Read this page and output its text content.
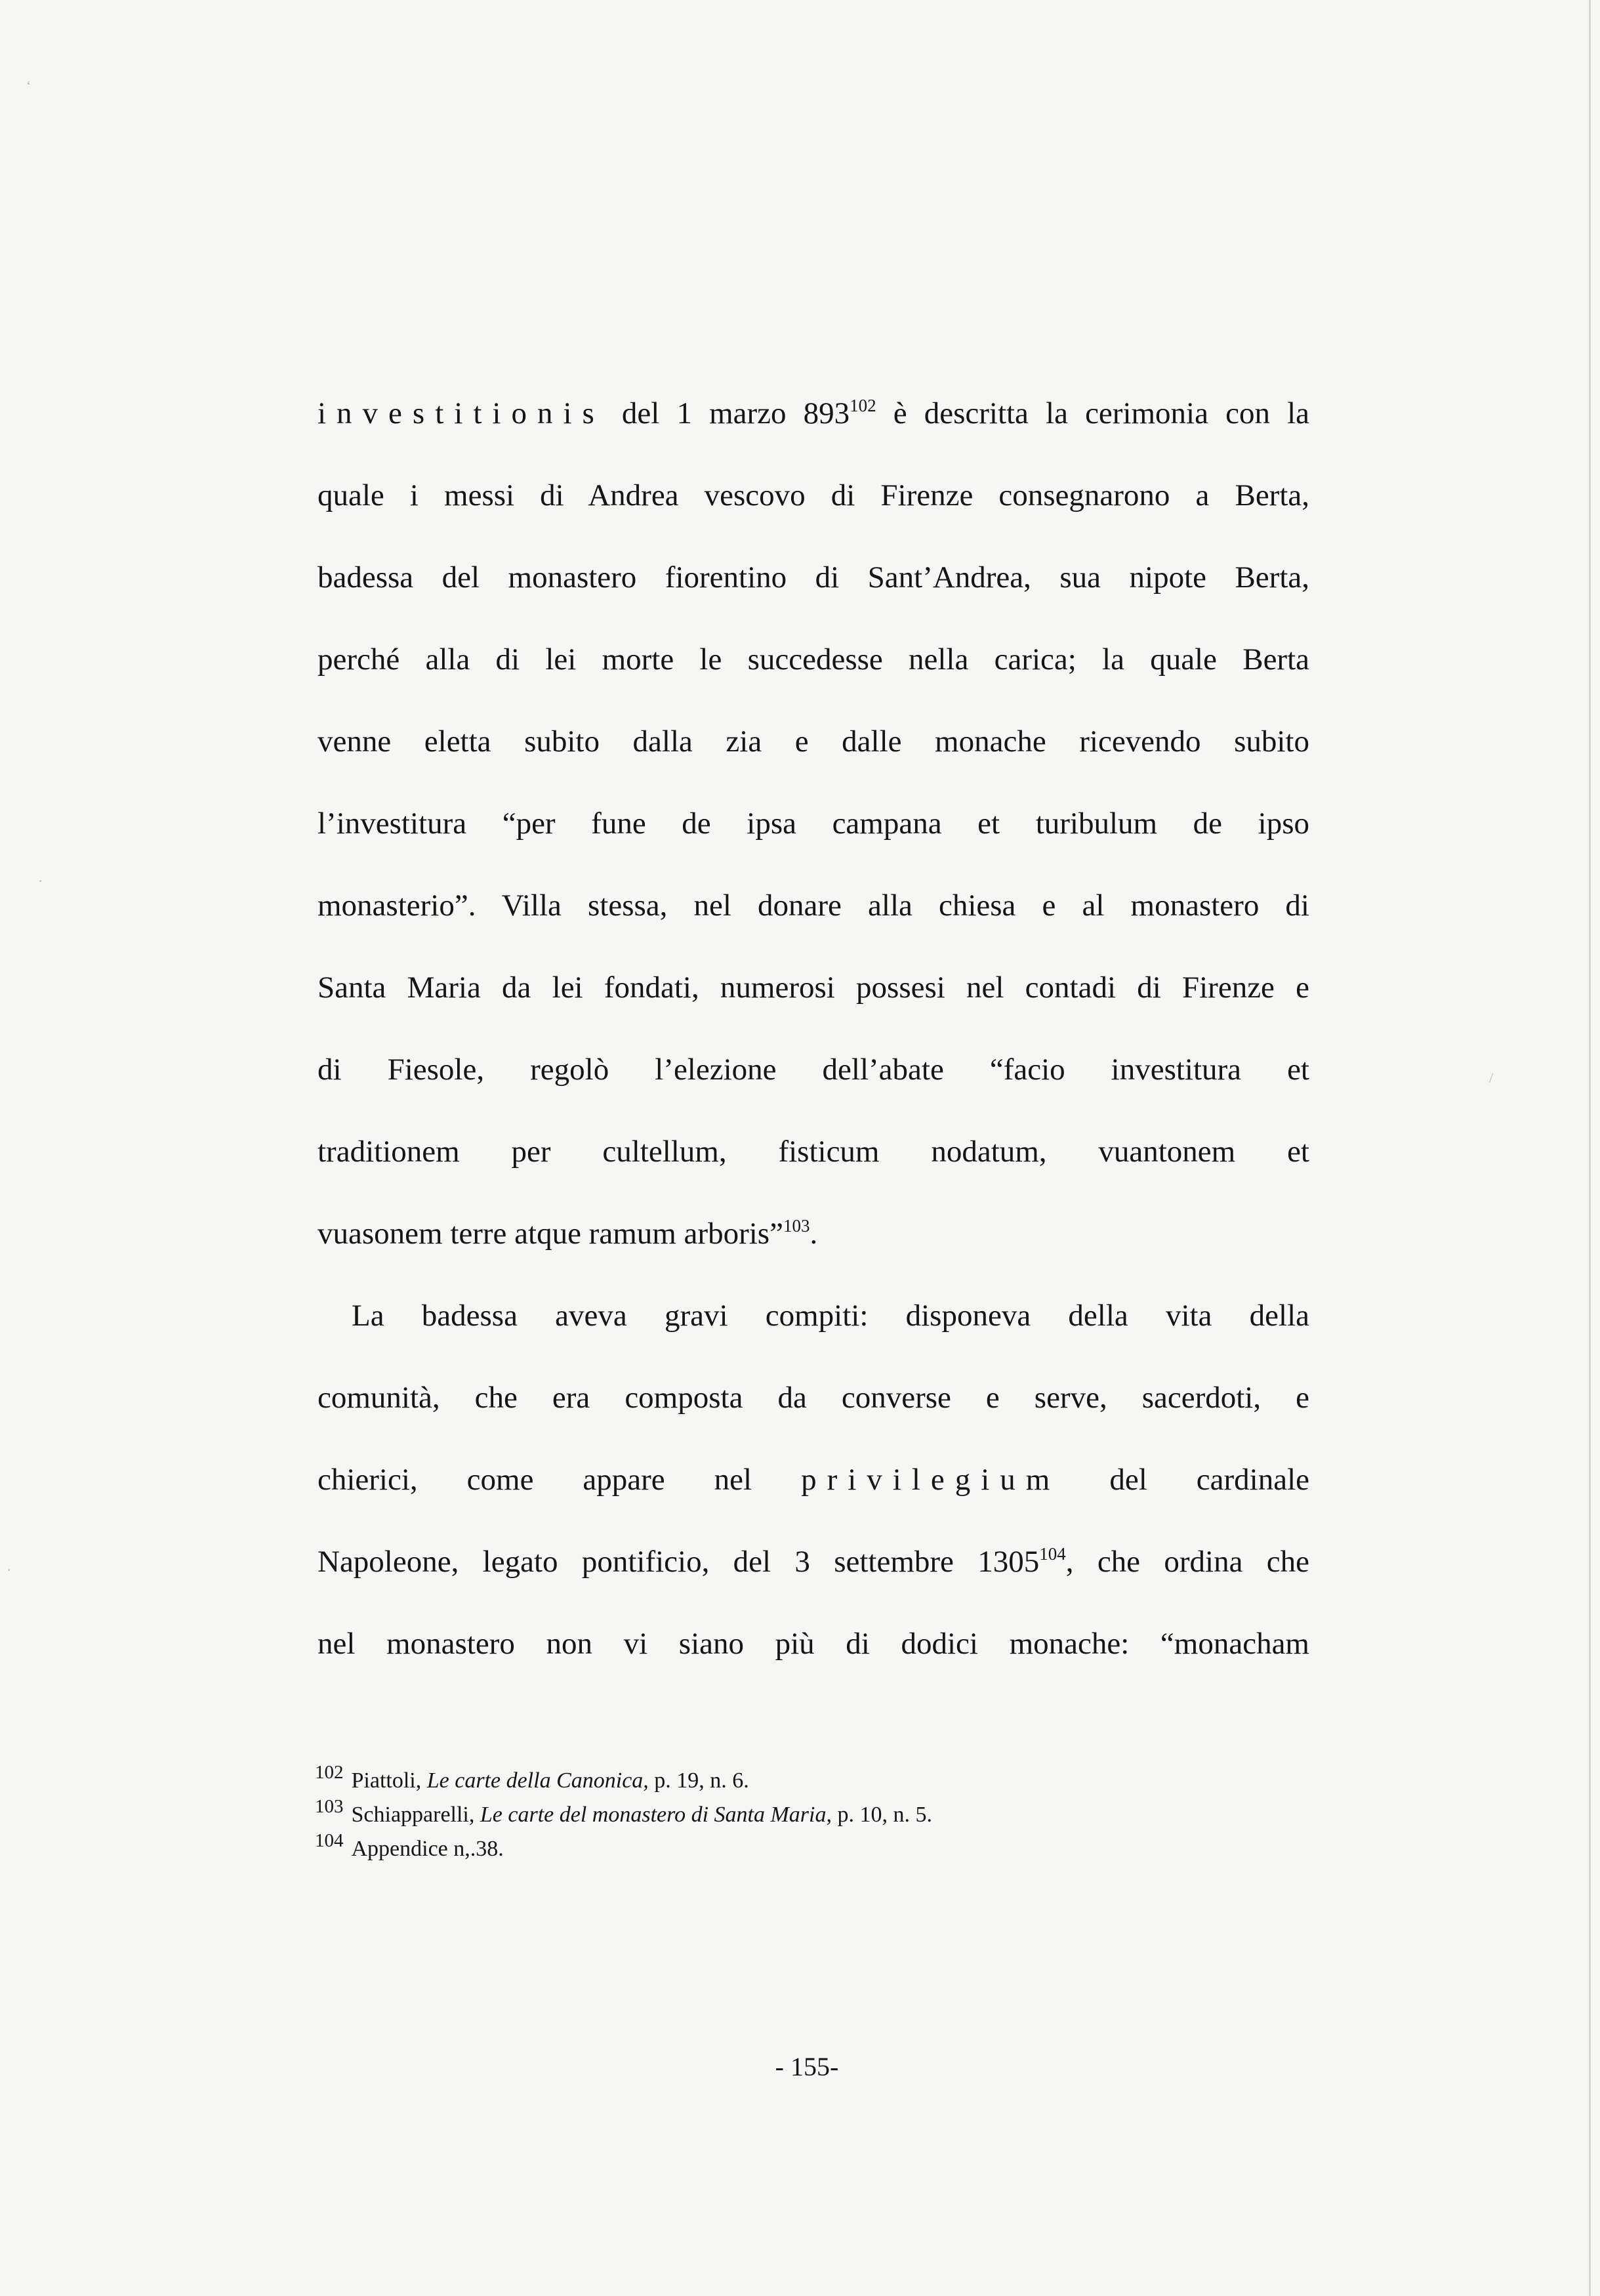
‘
·
·
/
investitionis del 1 marzo $893^{102}$ è descritta la cerimonia con la
quale i messi di Andrea vescovo di Firenze consegnarono a Berta,
badessa del monastero fiorentino di Sant’Andrea, sua nipote Berta,
perché alla di lei morte le succedesse nella carica; la quale Berta
venne eletta subito dalla zia e dalle monache ricevendo subito
l’investitura “per fune de ipsa campana et turibulum de ipso
monasterio”. Villa stessa, nel donare alla chiesa e al monastero di
Santa Maria da lei fondati, numerosi possesi nel contadi di Firenze e
di Fiesole, regolò l’elezione dell’abate “facio investitura et
traditionem per cultellum, fisticum nodatum, vuantonem et
vuasonem terre atque ramum arboris”$^{103}$.
La badessa aveva gravi compiti: disponeva della vita della
comunità, che era composta da converse e serve, sacerdoti, e
chierici, come appare nel privilegium del cardinale
Napoleone, legato pontificio, del 3 settembre 1305$^{104}$, che ordina che
nel monastero non vi siano più di dodici monache: “monacham
102 Piattoli, Le carte della Canonica, p. 19, n. 6.
103 Schiapparelli, Le carte del monastero di Santa Maria, p. 10, n. 5.
104 Appendice n,.38.
- 155-
